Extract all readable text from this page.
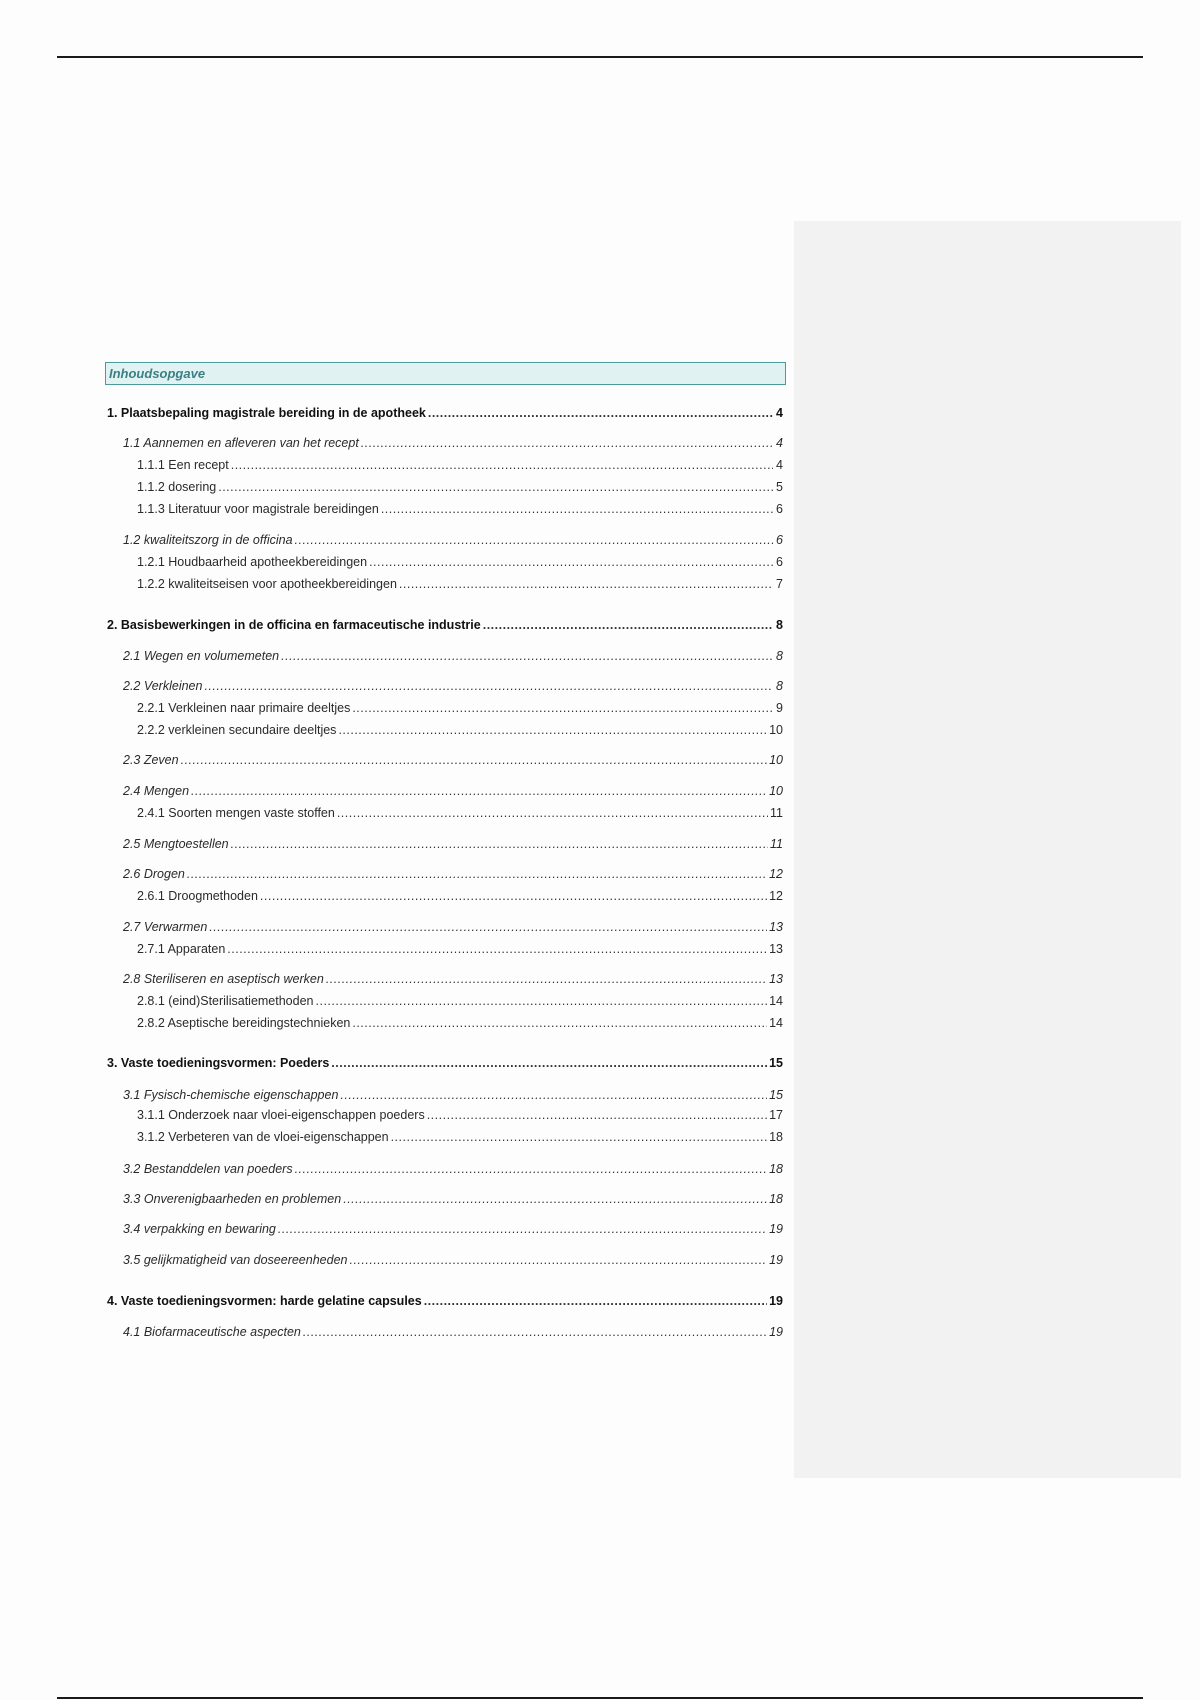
Inhoudsopgave
1. Plaatsbepaling magistrale bereiding in de apotheek .....	4
1.1 Aannemen en afleveren van het recept .....	4
1.1.1 Een recept .....	4
1.1.2 dosering .....	5
1.1.3 Literatuur voor magistrale bereidingen .....	6
1.2 kwaliteitszorg in de officina .....	6
1.2.1 Houdbaarheid apotheekbereidingen .....	6
1.2.2 kwaliteitseisen voor apotheekbereidingen .....	7
2. Basisbewerkingen in de officina en farmaceutische industrie .....	8
2.1 Wegen en volumemeten .....	8
2.2 Verkleinen .....	8
2.2.1 Verkleinen naar primaire deeltjes .....	9
2.2.2 verkleinen secundaire deeltjes .....	10
2.3 Zeven .....	10
2.4 Mengen .....	10
2.4.1 Soorten mengen vaste stoffen .....	11
2.5 Mengtoestellen .....	11
2.6 Drogen .....	12
2.6.1 Droogmethoden .....	12
2.7 Verwarmen .....	13
2.7.1 Apparaten .....	13
2.8 Steriliseren en aseptisch werken .....	13
2.8.1 (eind)Sterilisatiemethoden .....	14
2.8.2 Aseptische bereidingstechnieken .....	14
3. Vaste toedieningsvormen: Poeders .....	15
3.1 Fysisch-chemische eigenschappen .....	15
3.1.1 Onderzoek naar vloei-eigenschappen poeders .....	17
3.1.2 Verbeteren van de vloei-eigenschappen .....	18
3.2 Bestanddelen van poeders .....	18
3.3 Onverenigbaarheden en problemen .....	18
3.4 verpakking en bewaring .....	19
3.5 gelijkmatigheid van doseereenheden .....	19
4. Vaste toedieningsvormen: harde gelatine capsules .....	19
4.1 Biofarmaceutische aspecten .....	19
